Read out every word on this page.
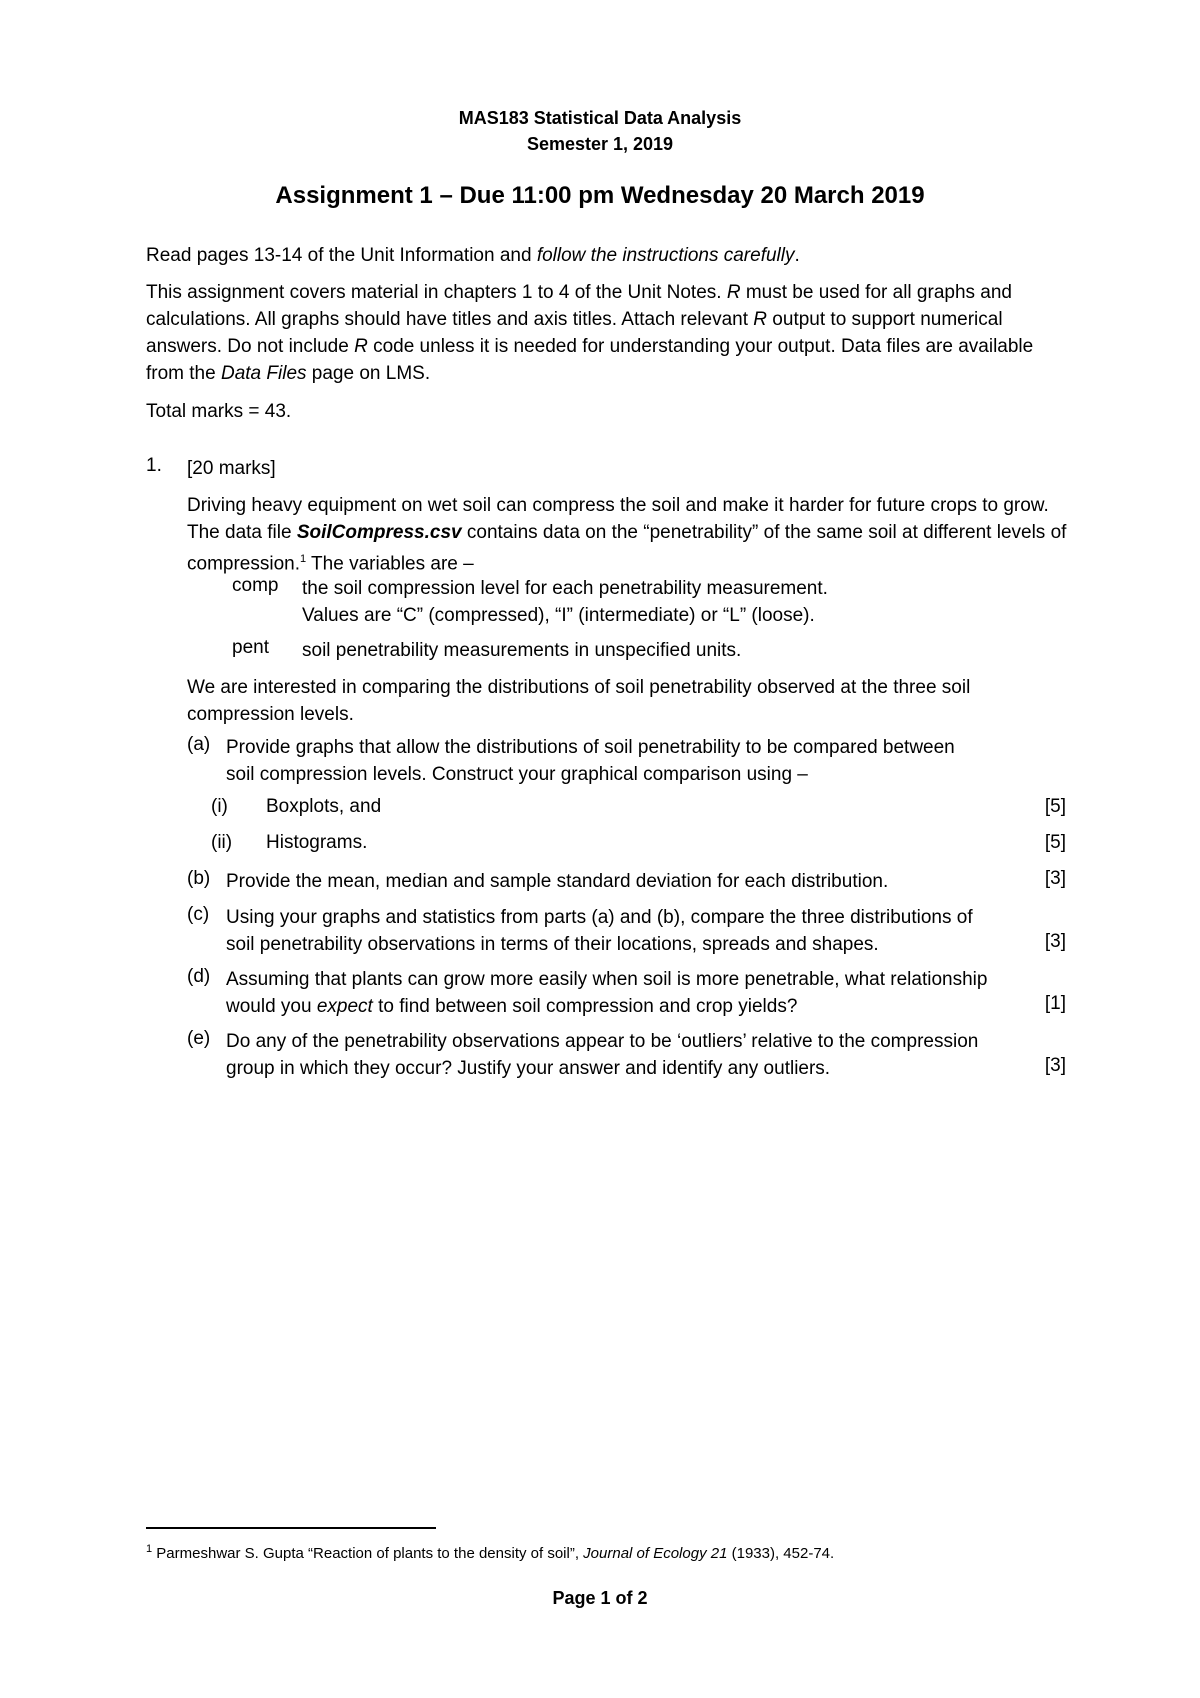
MAS183 Statistical Data Analysis
Semester 1, 2019
Assignment 1 – Due 11:00 pm Wednesday 20 March 2019
Read pages 13-14 of the Unit Information and follow the instructions carefully.
This assignment covers material in chapters 1 to 4 of the Unit Notes. R must be used for all graphs and calculations. All graphs should have titles and axis titles. Attach relevant R output to support numerical answers. Do not include R code unless it is needed for understanding your output. Data files are available from the Data Files page on LMS.
Total marks = 43.
1. [20 marks]
Driving heavy equipment on wet soil can compress the soil and make it harder for future crops to grow. The data file SoilCompress.csv contains data on the “penetrability” of the same soil at different levels of compression.$^1$ The variables are –
comp the soil compression level for each penetrability measurement.
Values are “C” (compressed), “I” (intermediate) or “L” (loose).
pent soil penetrability measurements in unspecified units.
We are interested in comparing the distributions of soil penetrability observed at the three soil compression levels.
(a) Provide graphs that allow the distributions of soil penetrability to be compared between
soil compression levels. Construct your graphical comparison using –
(i) Boxplots, and	[5]
(ii) Histograms.	[5]
(b) Provide the mean, median and sample standard deviation for each distribution.	[3]
(c) Using your graphs and statistics from parts (a) and (b), compare the three distributions of
soil penetrability observations in terms of their locations, spreads and shapes.	[3]
(d) Assuming that plants can grow more easily when soil is more penetrable, what relationship
would you expect to find between soil compression and crop yields?	[1]
(e) Do any of the penetrability observations appear to be ‘outliers’ relative to the compression
group in which they occur? Justify your answer and identify any outliers.	[3]
$^1$ Parmeshwar S. Gupta “Reaction of plants to the density of soil”, Journal of Ecology 21 (1933), 452-74.
Page 1 of 2
